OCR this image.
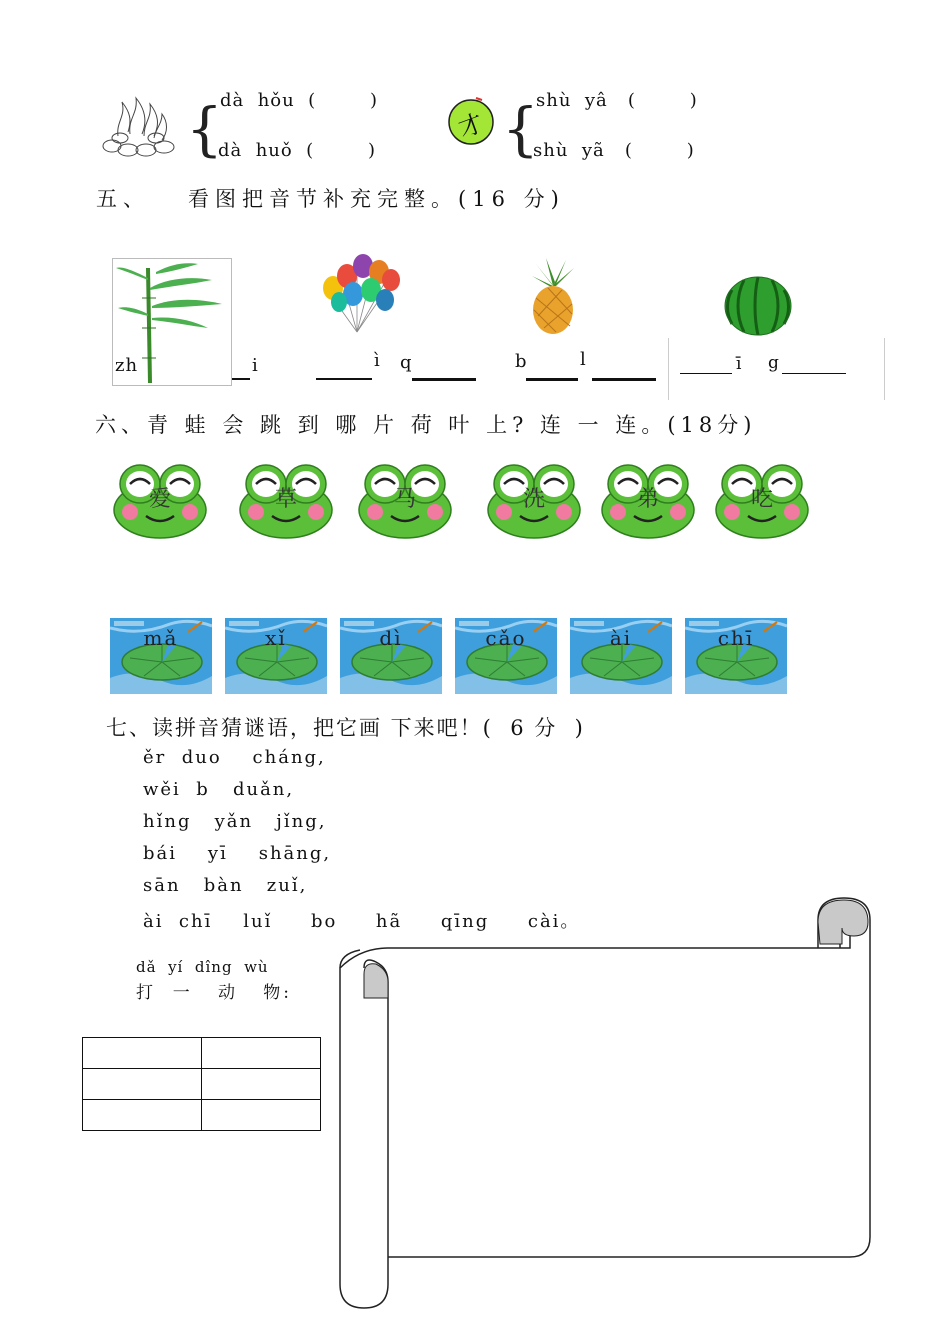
{
dà  hǒu  (        )
dà  huǒ  (        )
才 {
shù  yâ   (        )
shù  yã   (        )
五、   看图把音节补充完整。(16 分)
zh	i	ì q	b	l	ī g
六、青 蛙 会 跳 到 哪 片 荷 叶 上? 连 一 连。(18分)
爱	草	马	洗	弟	吃
mǎ	xǐ	dì	cǎo	ài	chī
七、读拼音猜谜语，把它画 下来吧！(  6 分  )
ěr  duo    cháng,
wěi  b   duǎn,
hǐng   yǎn   jǐng,
bái    yī    shāng,
sān   bàn   zuǐ,
ài  chī    luǐ     bo     hã     qīng     cài。
dǎ  yí  dîng  wù
打  一   动   物:
